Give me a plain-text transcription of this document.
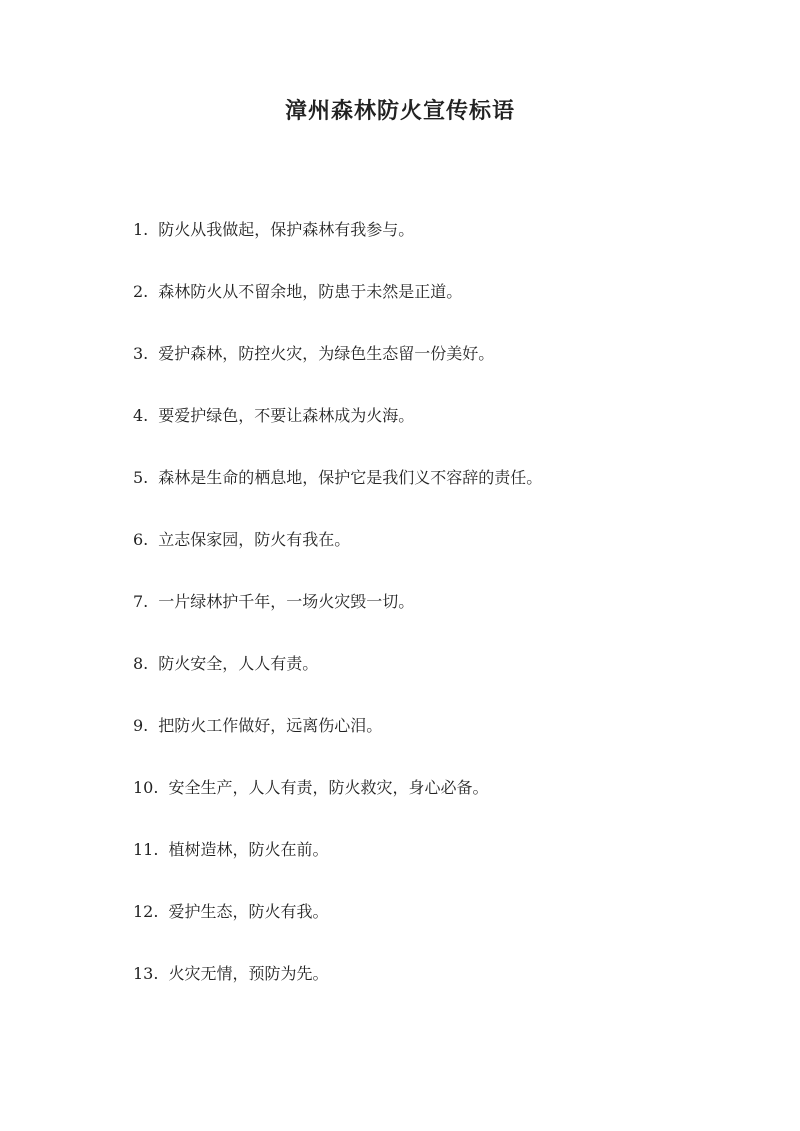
漳州森林防火宣传标语
1. 防火从我做起，保护森林有我参与。
2. 森林防火从不留余地，防患于未然是正道。
3. 爱护森林，防控火灾，为绿色生态留一份美好。
4. 要爱护绿色，不要让森林成为火海。
5. 森林是生命的栖息地，保护它是我们义不容辞的责任。
6. 立志保家园，防火有我在。
7. 一片绿林护千年，一场火灾毁一切。
8. 防火安全，人人有责。
9. 把防火工作做好，远离伤心泪。
10. 安全生产，人人有责，防火救灾，身心必备。
11. 植树造林，防火在前。
12. 爱护生态，防火有我。
13. 火灾无情，预防为先。
